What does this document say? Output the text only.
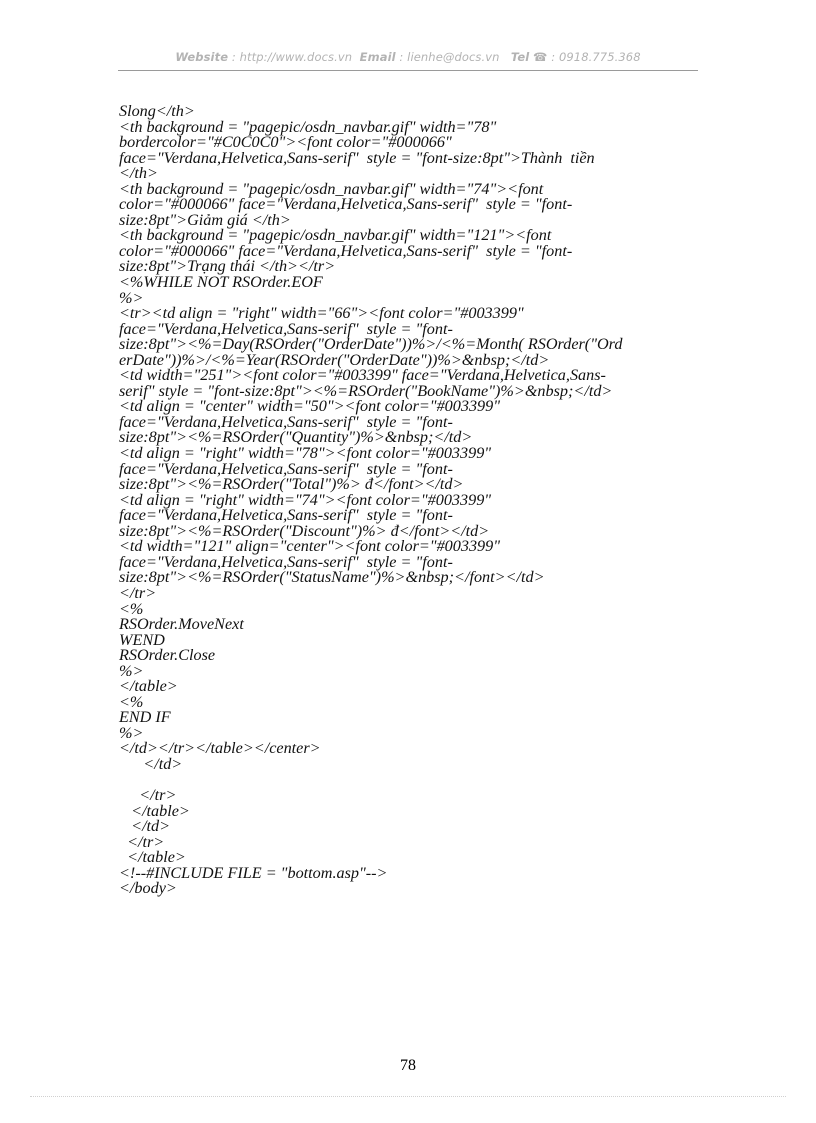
Website : http://www.docs.vn Email : lienhe@docs.vn Tel ☎ : 0918.775.368
Slong</th>
<th background = "pagepic/osdn_navbar.gif" width="78"
bordercolor="#C0C0C0"><font color="#000066"
face="Verdana,Helvetica,Sans-serif"  style = "font-size:8pt">Thành  tiền
</th>
<th background = "pagepic/osdn_navbar.gif" width="74"><font
color="#000066" face="Verdana,Helvetica,Sans-serif"  style = "font-
size:8pt">Giảm giá </th>
<th background = "pagepic/osdn_navbar.gif" width="121"><font
color="#000066" face="Verdana,Helvetica,Sans-serif"  style = "font-
size:8pt">Trạng thái </th></tr>
<%WHILE NOT RSOrder.EOF
%>
<tr><td align = "right" width="66"><font color="#003399"
face="Verdana,Helvetica,Sans-serif"  style = "font-
size:8pt"><%=Day(RSOrder("OrderDate"))%>/<%=Month( RSOrder("Ord
erDate"))%>/<%=Year(RSOrder("OrderDate"))%>&nbsp;</td>
<td width="251"><font color="#003399" face="Verdana,Helvetica,Sans-
serif" style = "font-size:8pt"><%=RSOrder("BookName")%>&nbsp;</td>
<td align = "center" width="50"><font color="#003399"
face="Verdana,Helvetica,Sans-serif"  style = "font-
size:8pt"><%=RSOrder("Quantity")%>&nbsp;</td>
<td align = "right" width="78"><font color="#003399"
face="Verdana,Helvetica,Sans-serif"  style = "font-
size:8pt"><%=RSOrder("Total")%> đ</font></td>
<td align = "right" width="74"><font color="#003399"
face="Verdana,Helvetica,Sans-serif"  style = "font-
size:8pt"><%=RSOrder("Discount")%> đ</font></td>
<td width="121" align="center"><font color="#003399"
face="Verdana,Helvetica,Sans-serif"  style = "font-
size:8pt"><%=RSOrder("StatusName")%>&nbsp;</font></td>
</tr>
<%
RSOrder.MoveNext
WEND
RSOrder.Close
%>
</table>
<%
END IF
%>
</td></tr></table></center>
</td>
</tr>
</table>
</td>
</tr>
</table>
<!--#INCLUDE FILE = "bottom.asp"-->
</body>
78
